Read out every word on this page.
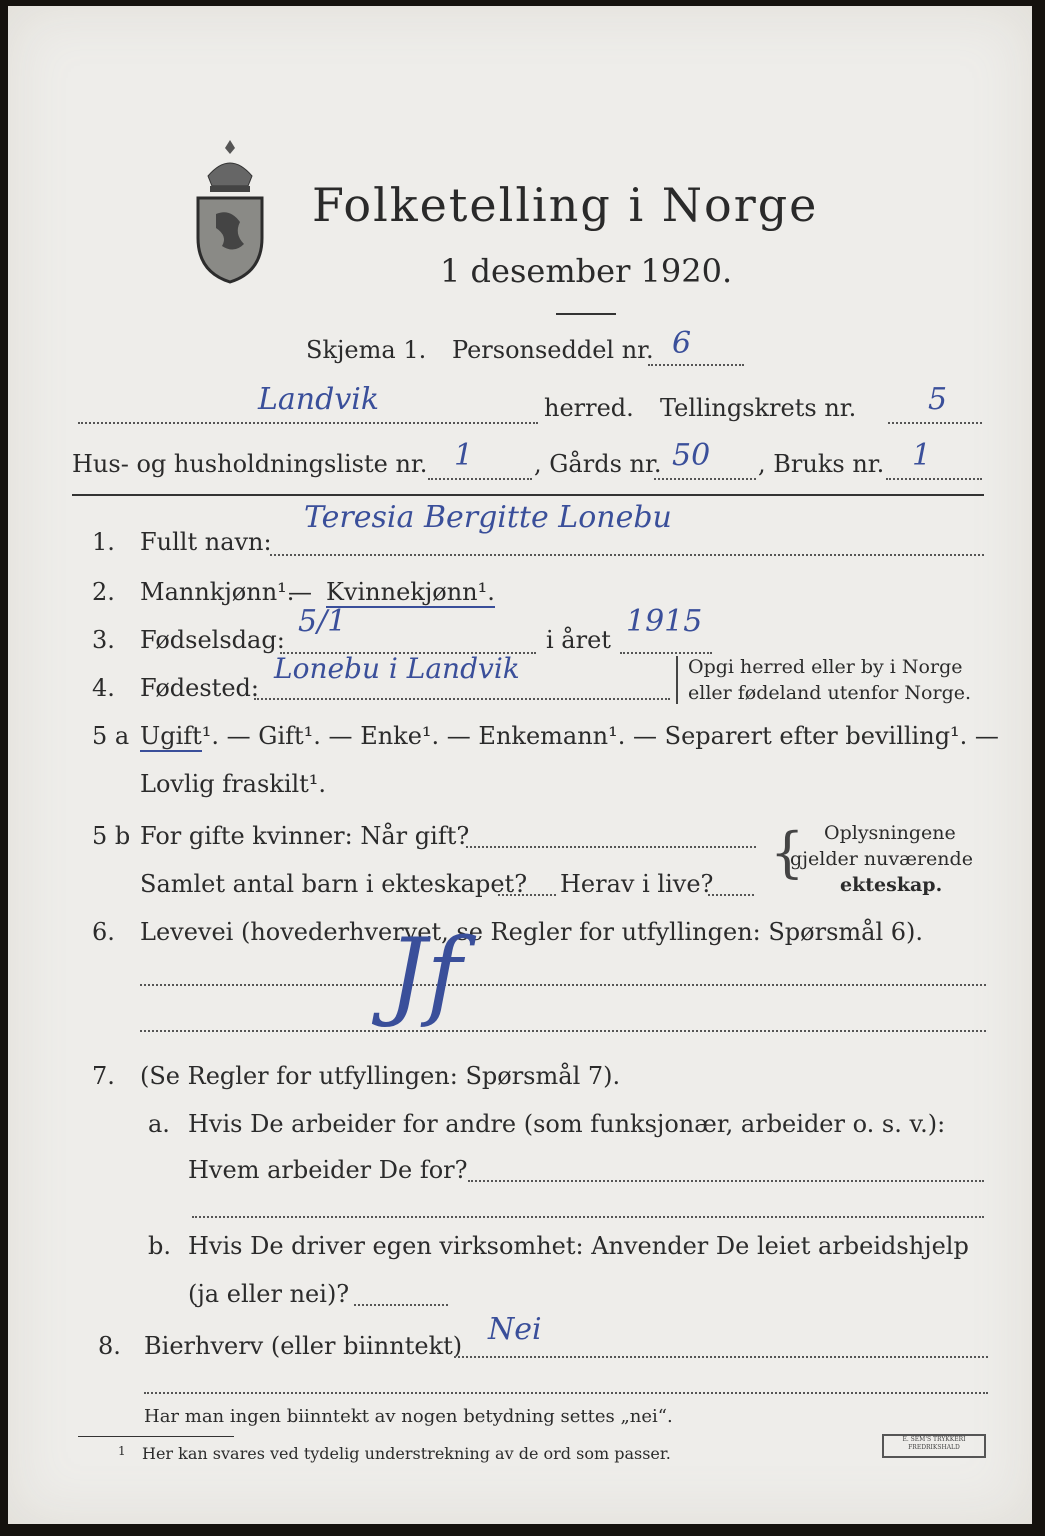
Folketelling i Norge
1 desember 1920.
Skjema 1. Personseddel nr. 6
Landvik	herred. Tellingskrets nr. 5
Hus- og husholdningsliste nr. 1	, Gårds nr. 50 , Bruks nr. 1
1. Fullt navn:
Teresia Bergitte Lonebu
2. Mannkjønn¹.
— Kvinnekjønn¹.
3. Fødselsdag:
5/1
i året
1915
4. Fødested:
Lonebu i Landvik	Opgi herred eller by i Norge
eller fødeland utenfor Norge.
5 a Ugift¹. — Gift¹. — Enke¹. — Enkemann¹. — Separert efter bevilling¹. —
Lovlig fraskilt¹.
5 b For gifte kvinner: Når gift?
Samlet antal barn i ekteskapet? Herav i live? { Oplysningene
gjelder nuværende
ekteskap.
6. Levevei (hovederhvervet, se Regler for utfyllingen: Spørsmål 6).
Jf
7. (Se Regler for utfyllingen: Spørsmål 7).
a. Hvis De arbeider for andre (som funksjonær, arbeider o. s. v.):
Hvem arbeider De for?
b. Hvis De driver egen virksomhet: Anvender De leiet arbeidshjelp
(ja eller nei)?
8. Bierhverv (eller biinntekt) Nei
Har man ingen biinntekt av nogen betydning settes „nei“.
1 Her kan svares ved tydelig understrekning av de ord som passer.
E. SEM'S TRYKKERI
FREDRIKSHALD
